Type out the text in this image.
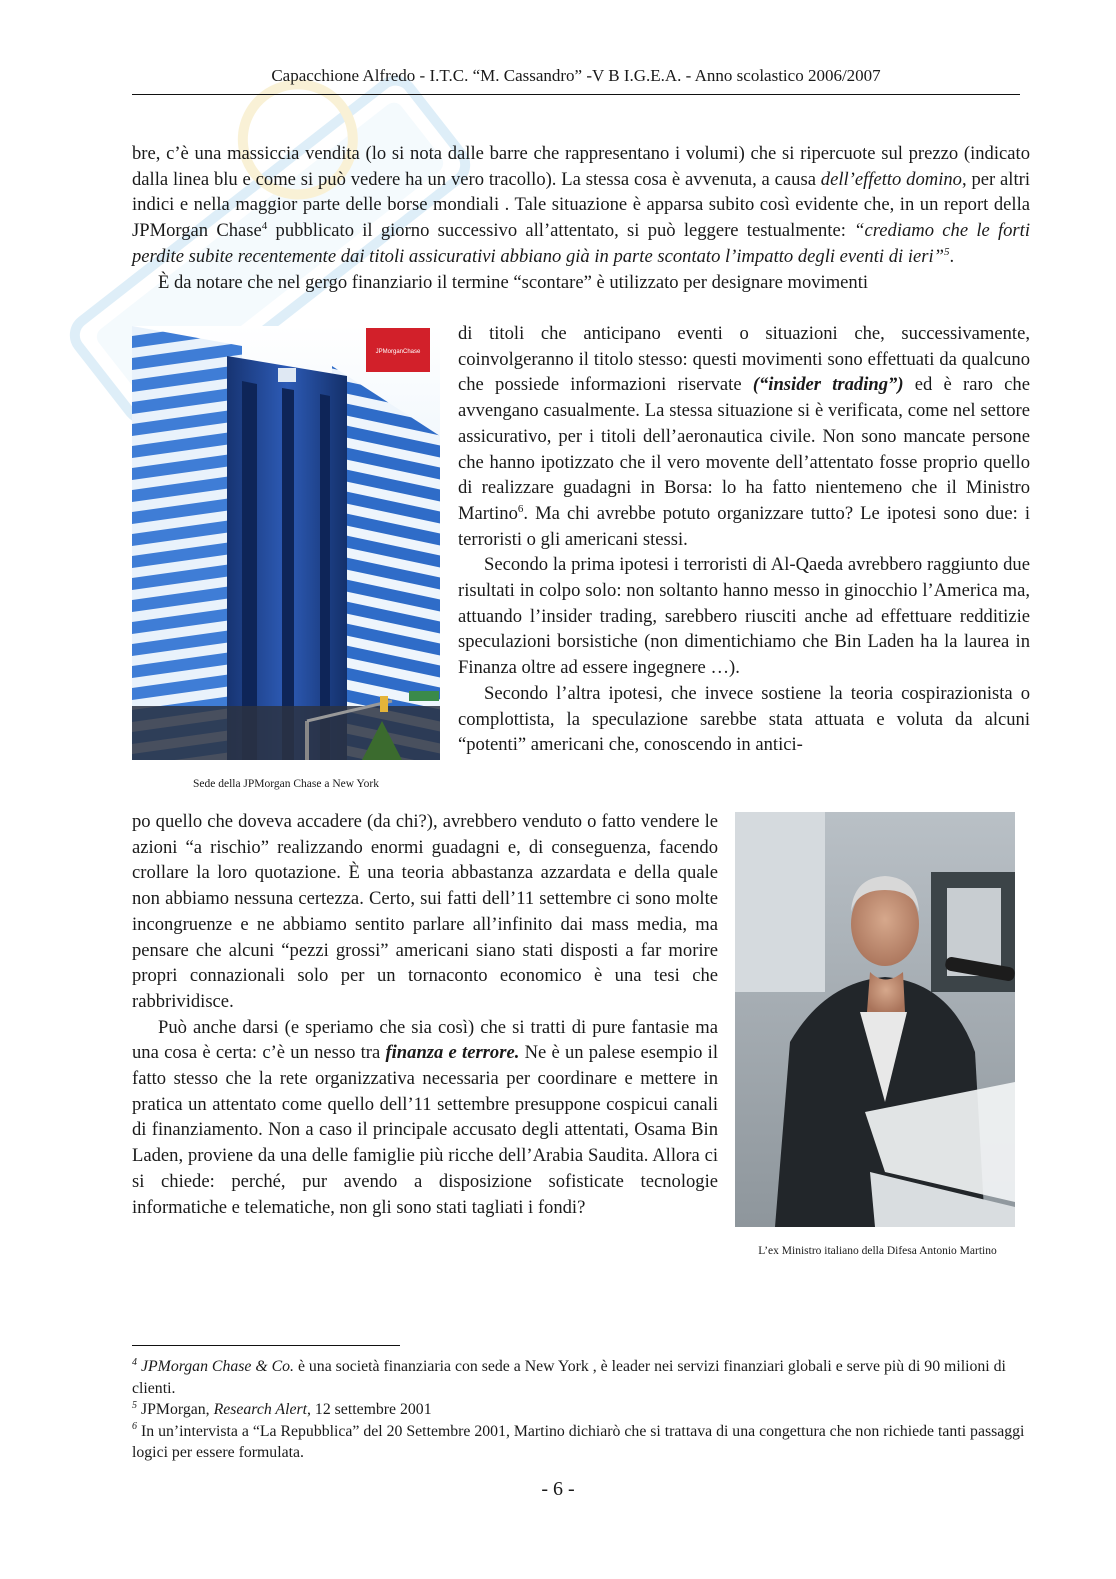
Capacchione Alfredo - I.T.C. “M. Cassandro” -V B I.G.E.A. - Anno scolastico 2006/2007

bre, c’è una massiccia vendita (lo si nota dalle barre che rappresentano i volumi) che si ripercuote sul prezzo (indicato dalla linea blu e come si può vedere ha un vero tracollo). La stessa cosa è avvenuta, a causa dell’effetto domino, per altri indici e nella maggior parte delle borse mondiali . Tale situazione è apparsa subito così evidente che, in un report della JPMorgan Chase$^4$ pubblicato il giorno successivo all’attentato, si può leggere testualmente: “crediamo che le forti perdite subite recentemente dai titoli assicurativi abbiano già in parte scontato l’impatto degli eventi di ieri”$^5$.

È da notare che nel gergo finanziario il termine “scontare” è utilizzato per designare movimenti

JPMorganChase
Sede della JPMorgan Chase a New York

di titoli che anticipano eventi o situazioni che, successivamente, coinvolgeranno il titolo stesso: questi movimenti sono effettuati da qualcuno che possiede informazioni riservate (“insider trading”) ed è raro che avvengano casualmente. La stessa situazione si è verificata, come nel settore assicurativo, per i titoli dell’aeronautica civile. Non sono mancate persone che hanno ipotizzato che il vero movente dell’attentato fosse proprio quello di realizzare guadagni in Borsa: lo ha fatto nientemeno che il Ministro Martino$^6$. Ma chi avrebbe potuto organizzare tutto? Le ipotesi sono due: i terroristi o gli americani stessi.

Secondo la prima ipotesi i terroristi di Al-Qaeda avrebbero raggiunto due risultati in colpo solo: non soltanto hanno messo in ginocchio l’America ma, attuando l’insider trading, sarebbero riusciti anche ad effettuare redditizie speculazioni borsistiche (non dimentichiamo che Bin Laden ha la laurea in Finanza oltre ad essere ingegnere …).

Secondo l’altra ipotesi, che invece sostiene la teoria cospirazionista o complottista, la speculazione sarebbe stata attuata e voluta da alcuni “potenti” americani che, conoscendo in antici-

po quello che doveva accadere (da chi?), avrebbero venduto o fatto vendere le azioni “a rischio” realizzando enormi guadagni e, di conseguenza, facendo crollare la loro quotazione. È una teoria abbastanza azzardata e della quale non abbiamo nessuna certezza. Certo, sui fatti dell’11 settembre ci sono molte incongruenze e ne abbiamo sentito parlare all’infinito dai mass media, ma pensare che alcuni “pezzi grossi” americani siano stati disposti a far morire propri connazionali solo per un tornaconto economico è una tesi che rabbrividisce.

Può anche darsi (e speriamo che sia così) che si tratti di pure fantasie ma una cosa è certa: c’è un nesso tra finanza e terrore. Ne è un palese esempio il fatto stesso che la rete organizzativa necessaria per coordinare e mettere in pratica un attentato come quello dell’11 settembre presuppone cospicui canali di finanziamento. Non a caso il principale accusato degli attentati, Osama Bin Laden, proviene da una delle famiglie più ricche dell’Arabia Saudita. Allora ci si chiede: perché, pur avendo a disposizione sofisticate tecnologie informatiche e telematiche, non gli sono stati tagliati i fondi?

L’ex Ministro italiano della Difesa Antonio Martino

$^4$ JPMorgan Chase & Co. è una società finanziaria con sede a New York , è leader nei servizi finanziari globali e serve più di 90 milioni di clienti.

$^5$ JPMorgan, Research Alert, 12 settembre 2001

$^6$ In un’intervista a “La Repubblica” del 20 Settembre 2001, Martino dichiarò che si trattava di una congettura che non richiede tanti passaggi logici per essere formulata.

- 6 -
